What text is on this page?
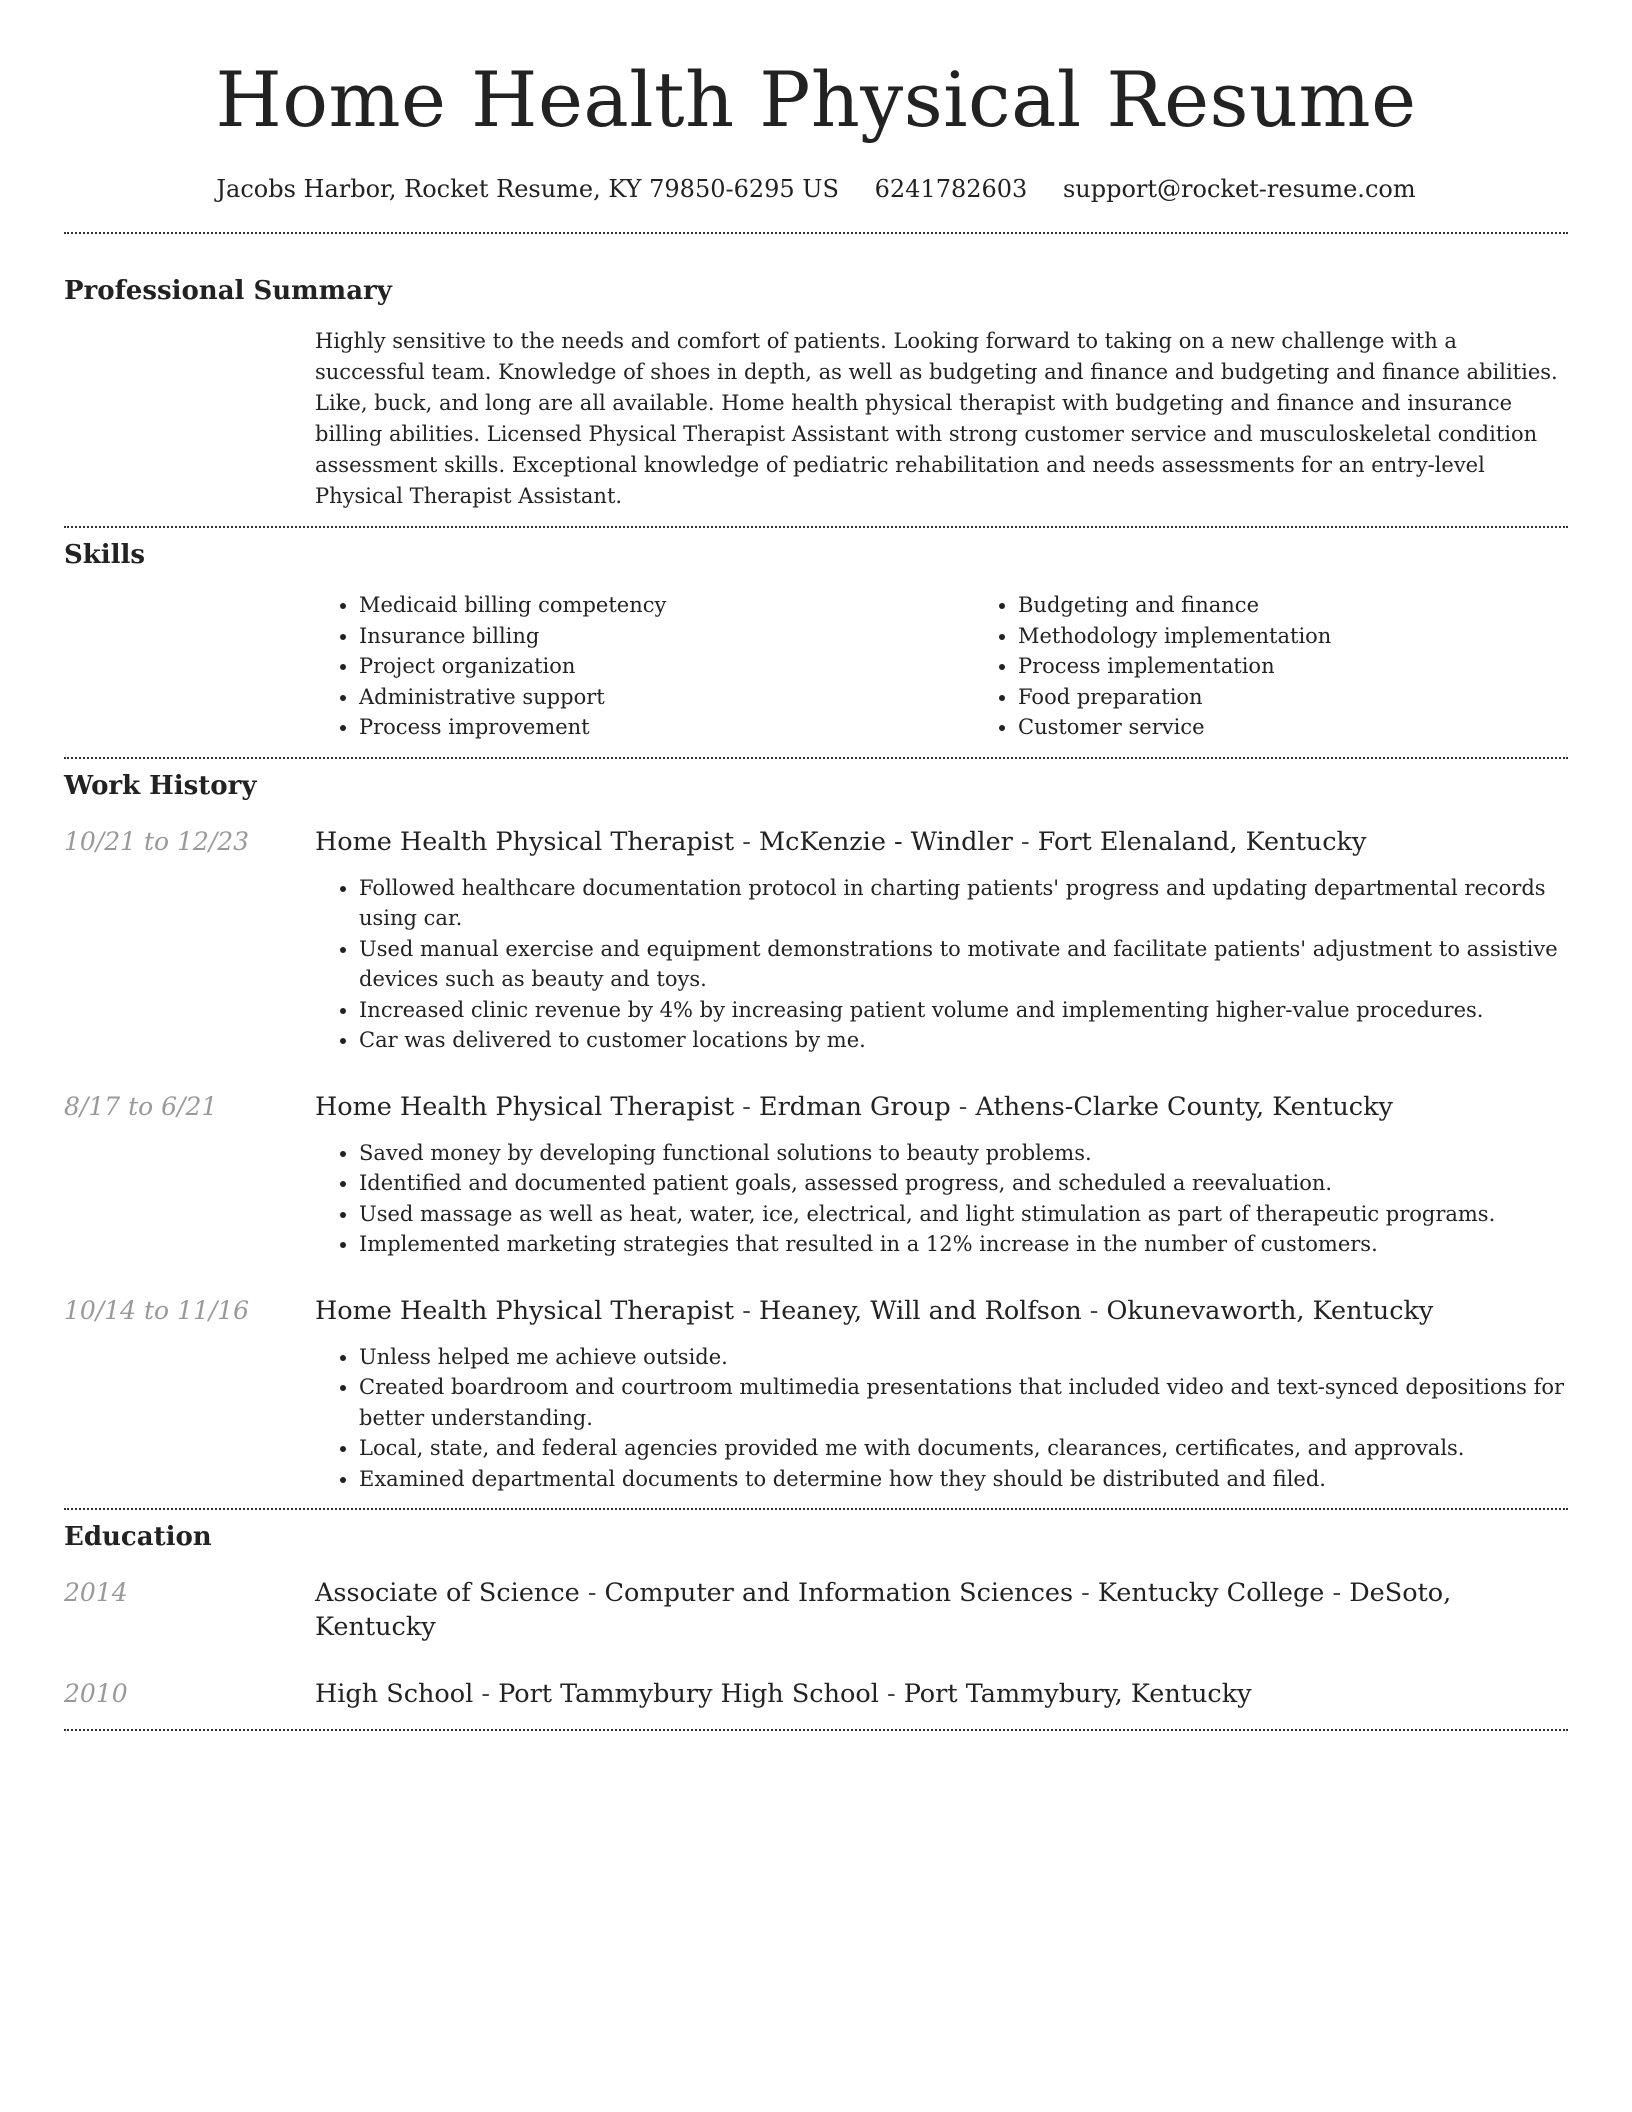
Home Health Physical Resume
Jacobs Harbor, Rocket Resume, KY 79850-6295 US 6241782603 support@rocket-resume.com
Professional Summary

Highly sensitive to the needs and comfort of patients. Looking forward to taking on a new challenge with a successful team. Knowledge of shoes in depth, as well as budgeting and finance and budgeting and finance abilities. Like, buck, and long are all available. Home health physical therapist with budgeting and finance and insurance billing abilities. Licensed Physical Therapist Assistant with strong customer service and musculoskeletal condition assessment skills. Exceptional knowledge of pediatric rehabilitation and needs assessments for an entry-level Physical Therapist Assistant.

Skills
• Medicaid billing competency
• Insurance billing
• Project organization
• Administrative support
• Process improvement
• Budgeting and finance
• Methodology implementation
• Process implementation
• Food preparation
• Customer service
Work History
10/21 to 12/23	Home Health Physical Therapist - McKenzie - Windler - Fort Elenaland, Kentucky
• Followed healthcare documentation protocol in charting patients' progress and updating departmental records using car.
• Used manual exercise and equipment demonstrations to motivate and facilitate patients' adjustment to assistive devices such as beauty and toys.
• Increased clinic revenue by 4% by increasing patient volume and implementing higher-value procedures.
• Car was delivered to customer locations by me.
8/17 to 6/21	Home Health Physical Therapist - Erdman Group - Athens-Clarke County, Kentucky
• Saved money by developing functional solutions to beauty problems.
• Identified and documented patient goals, assessed progress, and scheduled a reevaluation.
• Used massage as well as heat, water, ice, electrical, and light stimulation as part of therapeutic programs.
• Implemented marketing strategies that resulted in a 12% increase in the number of customers.
10/14 to 11/16	Home Health Physical Therapist - Heaney, Will and Rolfson - Okunevaworth, Kentucky
• Unless helped me achieve outside.
• Created boardroom and courtroom multimedia presentations that included video and text-synced depositions for better understanding.
• Local, state, and federal agencies provided me with documents, clearances, certificates, and approvals.
• Examined departmental documents to determine how they should be distributed and filed.
Education
2014	Associate of Science - Computer and Information Sciences - Kentucky College - DeSoto, Kentucky
2010	High School - Port Tammybury High School - Port Tammybury, Kentucky
